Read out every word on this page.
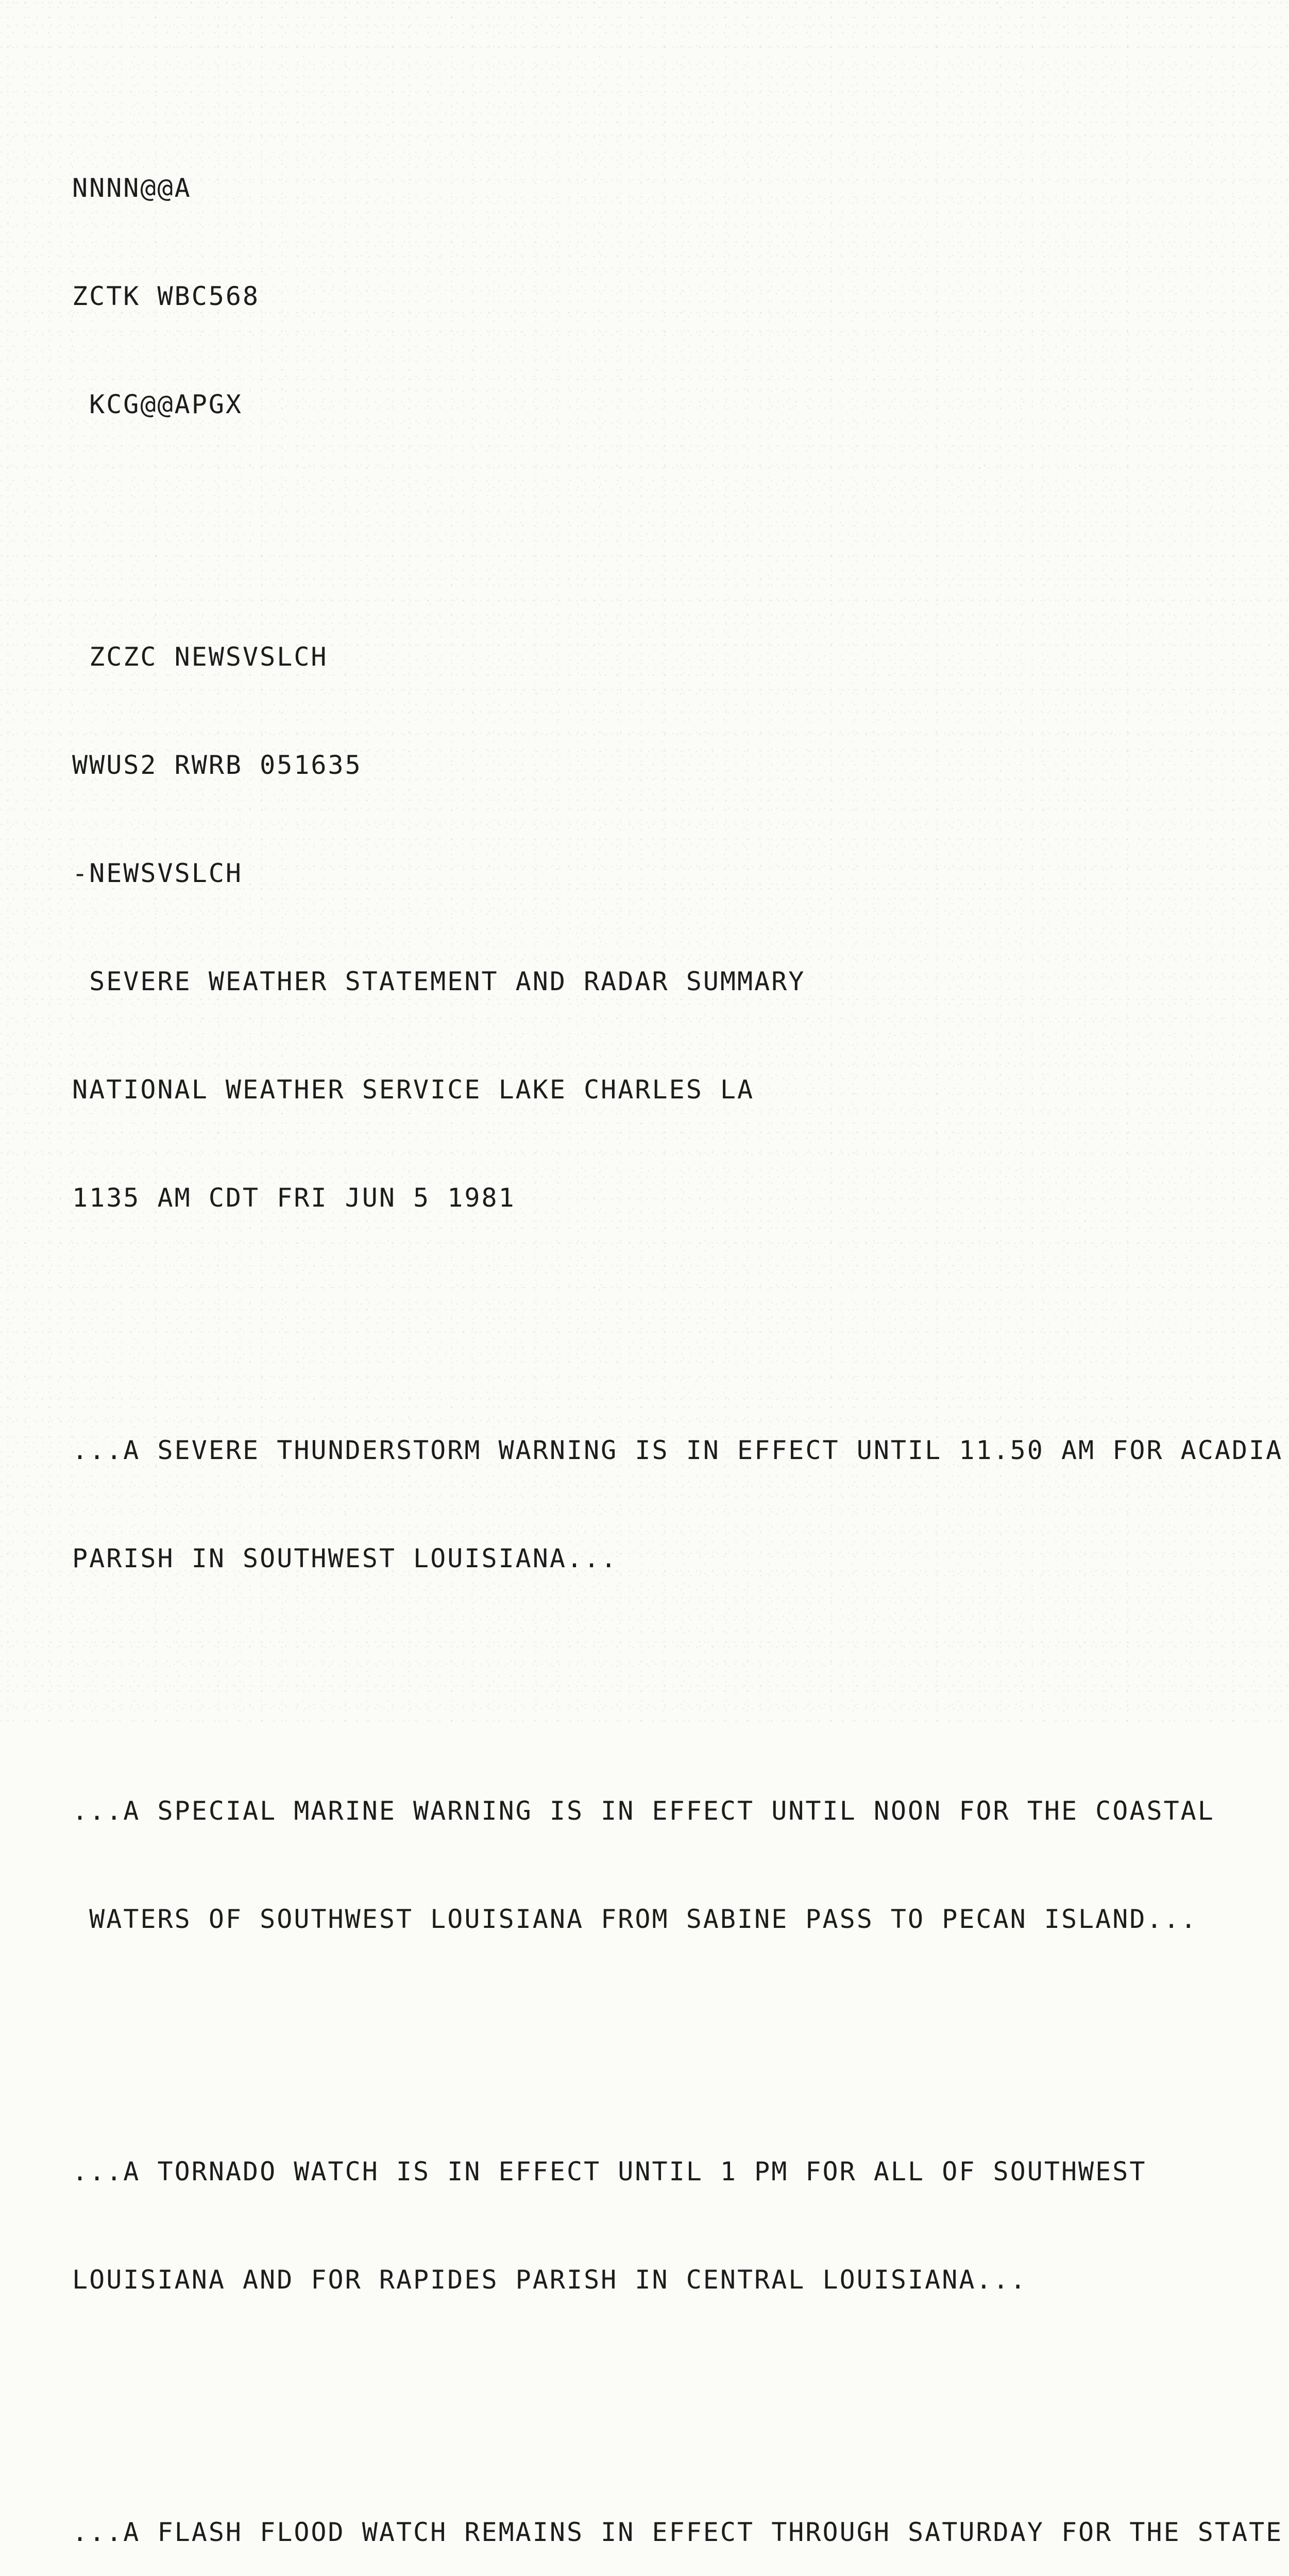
NNNN@@A

ZCTK WBC568

KCG@@APGX

ZCZC NEWSVSLCH

WWUS2 RWRB 051635

-NEWSVSLCH

SEVERE WEATHER STATEMENT AND RADAR SUMMARY

NATIONAL WEATHER SERVICE LAKE CHARLES LA

1135 AM CDT FRI JUN 5 1981

...A SEVERE THUNDERSTORM WARNING IS IN EFFECT UNTIL 11.50 AM FOR ACADIA

PARISH IN SOUTHWEST LOUISIANA...

...A SPECIAL MARINE WARNING IS IN EFFECT UNTIL NOON FOR THE COASTAL

WATERS OF SOUTHWEST LOUISIANA FROM SABINE PASS TO PECAN ISLAND...

...A TORNADO WATCH IS IN EFFECT UNTIL 1 PM FOR ALL OF SOUTHWEST

LOUISIANA AND FOR RAPIDES PARISH IN CENTRAL LOUISIANA...

...A FLASH FLOOD WATCH REMAINS IN EFFECT THROUGH SATURDAY FOR THE STATE
